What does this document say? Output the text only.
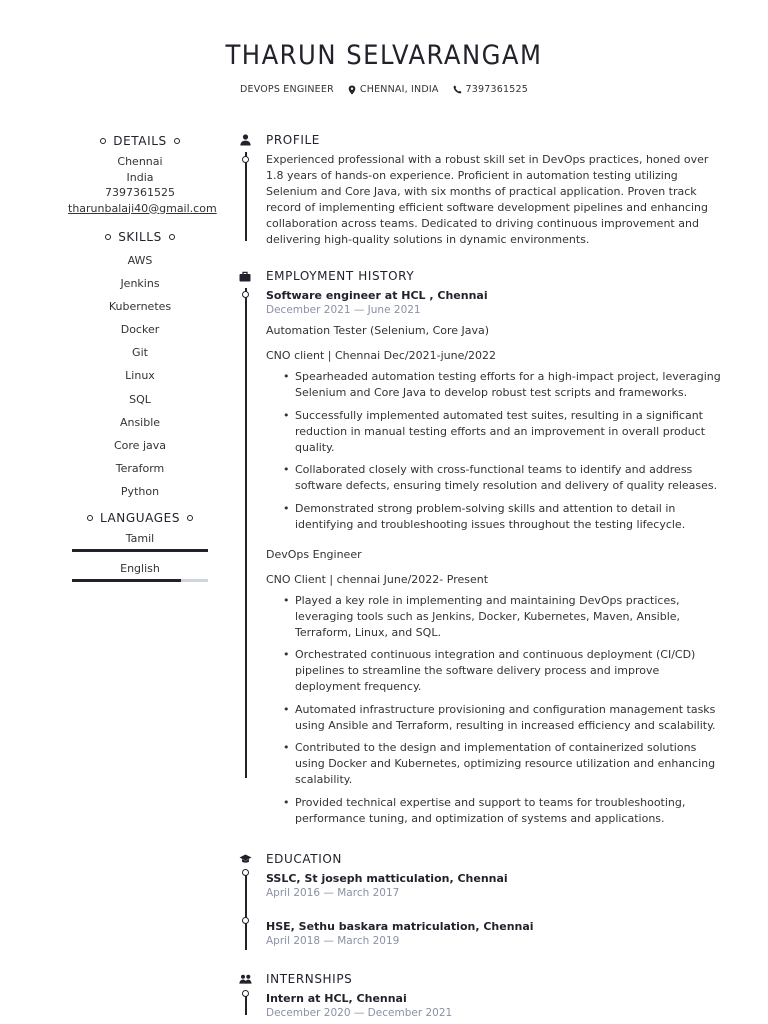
THARUN SELVARANGAM
DEVOPS ENGINEER	CHENNAI, INDIA	7397361525
DETAILS
Chennai
India
7397361525
tharunbalaji40@gmail.com
SKILLS
AWS
Jenkins
Kubernetes
Docker
Git
Linux
SQL
Ansible
Core java
Teraform
Python
LANGUAGES
Tamil
English
PROFILE
Experienced professional with a robust skill set in DevOps practices, honed over 1.8 years of hands-on experience. Proficient in automation testing utilizing Selenium and Core Java, with six months of practical application. Proven track record of implementing efficient software development pipelines and enhancing collaboration across teams. Dedicated to driving continuous improvement and delivering high-quality solutions in dynamic environments.
EMPLOYMENT HISTORY
Software engineer at HCL , Chennai
December 2021 — June 2021
Automation Tester (Selenium, Core Java)
CNO client | Chennai Dec/2021-june/2022
• Spearheaded automation testing efforts for a high-impact project, leveraging Selenium and Core Java to develop robust test scripts and frameworks.
• Successfully implemented automated test suites, resulting in a significant reduction in manual testing efforts and an improvement in overall product quality.
• Collaborated closely with cross-functional teams to identify and address software defects, ensuring timely resolution and delivery of quality releases.
• Demonstrated strong problem-solving skills and attention to detail in identifying and troubleshooting issues throughout the testing lifecycle.
DevOps Engineer
CNO Client | chennai June/2022- Present
• Played a key role in implementing and maintaining DevOps practices, leveraging tools such as Jenkins, Docker, Kubernetes, Maven, Ansible, Terraform, Linux, and SQL.
• Orchestrated continuous integration and continuous deployment (CI/CD) pipelines to streamline the software delivery process and improve deployment frequency.
• Automated infrastructure provisioning and configuration management tasks using Ansible and Terraform, resulting in increased efficiency and scalability.
• Contributed to the design and implementation of containerized solutions using Docker and Kubernetes, optimizing resource utilization and enhancing scalability.
• Provided technical expertise and support to teams for troubleshooting, performance tuning, and optimization of systems and applications.
EDUCATION
SSLC, St joseph matticulation, Chennai
April 2016 — March 2017
HSE, Sethu baskara matriculation, Chennai
April 2018 — March 2019
INTERNSHIPS
Intern at HCL, Chennai
December 2020 — December 2021
